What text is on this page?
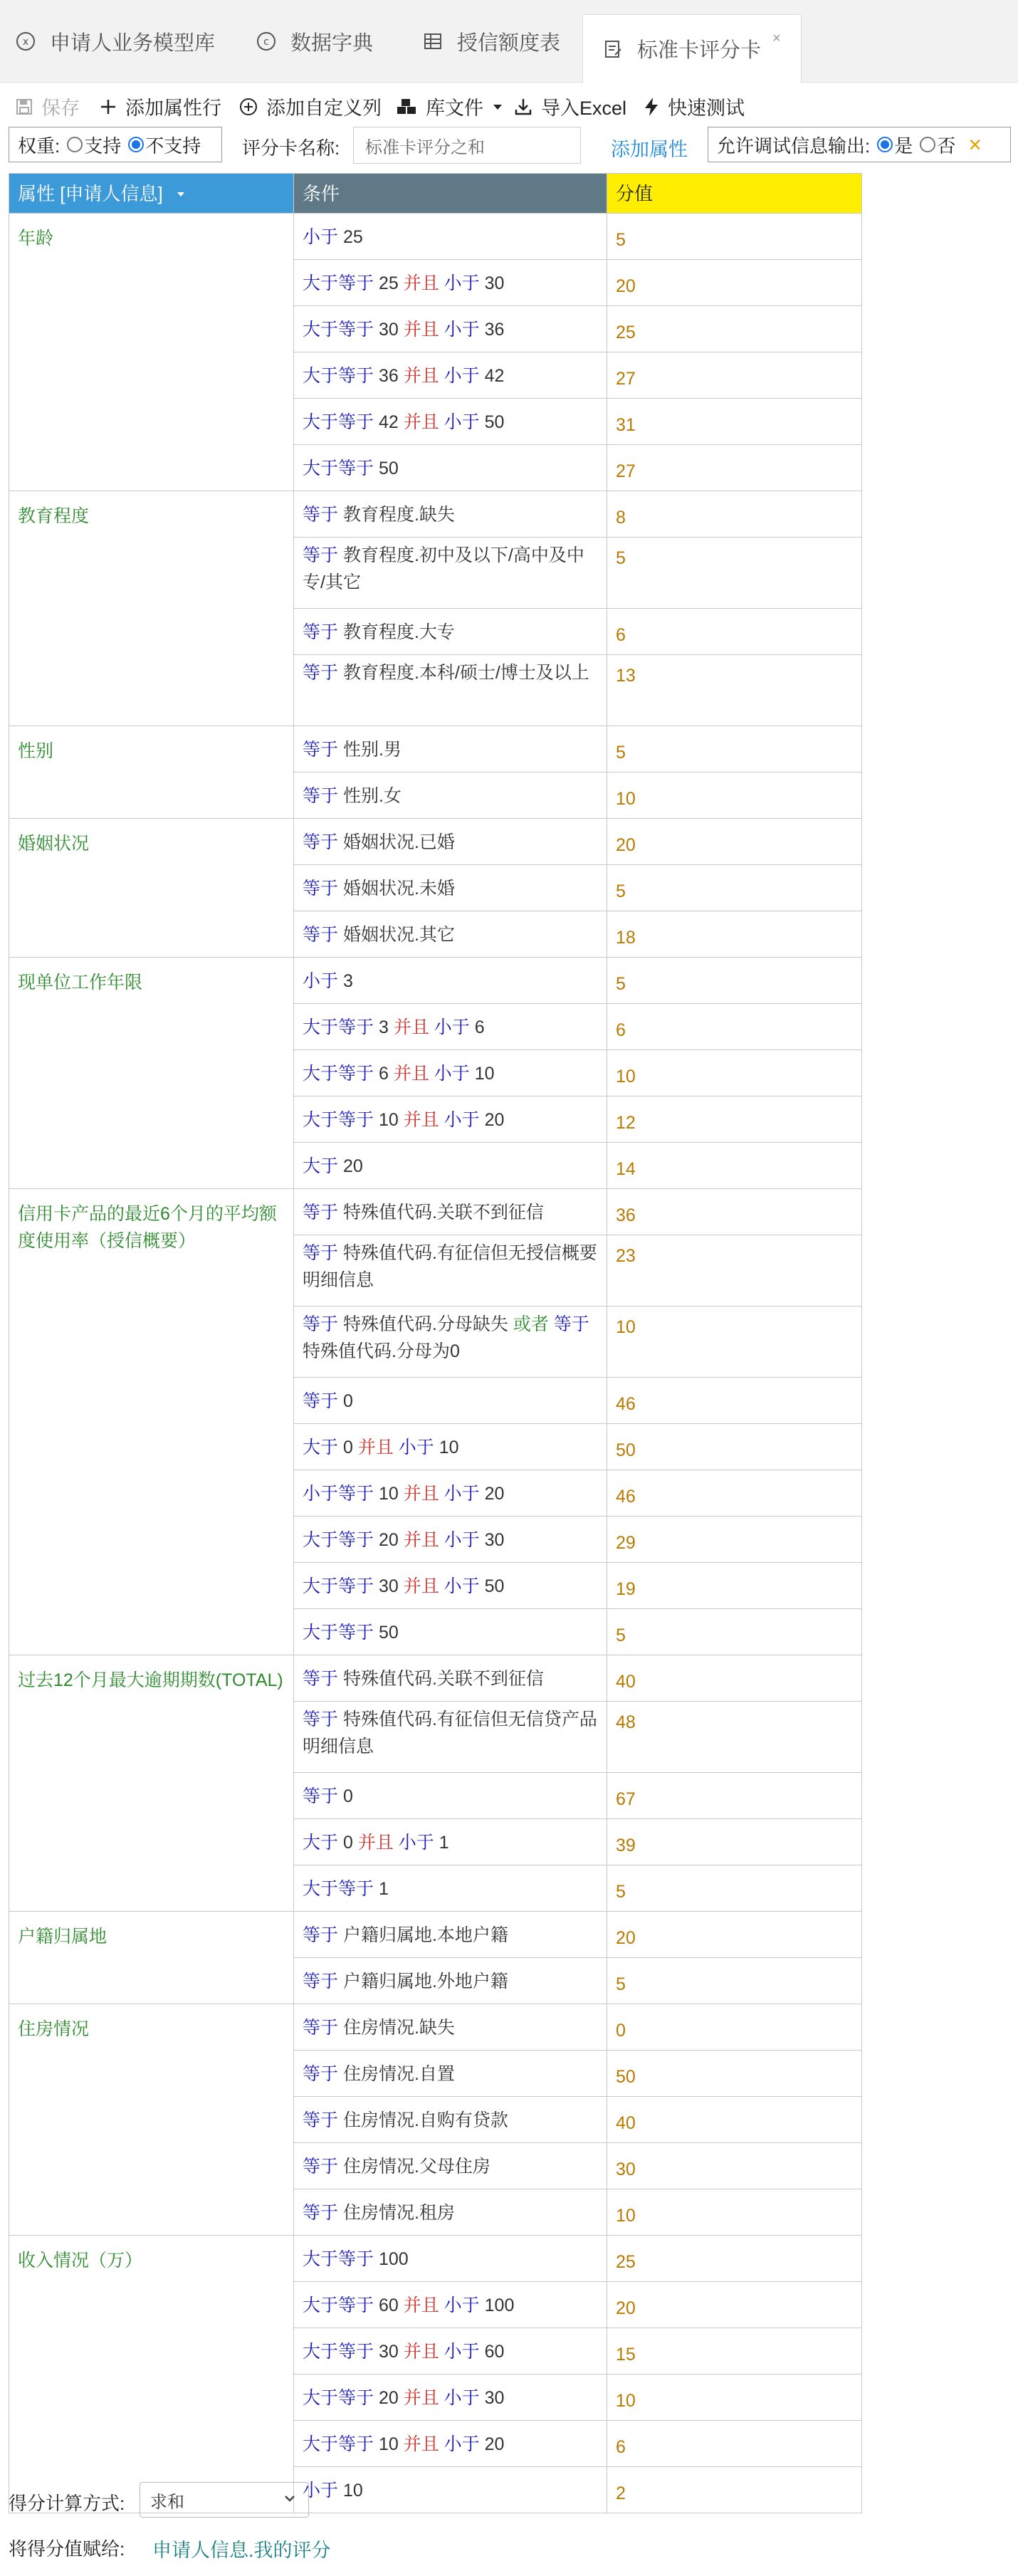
x 申请人业务模型库	c 数据字典	授信额度表	标准卡评分卡
×
保存 添加属性行 添加自定义列 库文件	导入Excel 快速测试
权重: 支持 不支持 评分卡名称:	标准卡评分之和	添加属性 允许调试信息输出: 是 否 ×
属性 [申请人信息]	条件	分值
年龄	小于 25	5
	大于等于 25 并且 小于 30	20
	大于等于 30 并且 小于 36	25
	大于等于 36 并且 小于 42	27
	大于等于 42 并且 小于 50	31
	大于等于 50	27
教育程度	等于 教育程度.缺失	8
	等于 教育程度.初中及以下/高中及中专/其它	5
	等于 教育程度.大专	6
	等于 教育程度.本科/硕士/博士及以上	13
性别	等于 性别.男	5
	等于 性别.女	10
婚姻状况	等于 婚姻状况.已婚	20
	等于 婚姻状况.未婚	5
	等于 婚姻状况.其它	18
现单位工作年限	小于 3	5
	大于等于 3 并且 小于 6	6
	大于等于 6 并且 小于 10	10
	大于等于 10 并且 小于 20	12
	大于 20	14
信用卡产品的最近6个月的平均额度使用率（授信概要）	等于 特殊值代码.关联不到征信	36
	等于 特殊值代码.有征信但无授信概要明细信息	23
	等于 特殊值代码.分母缺失 或者 等于 特殊值代码.分母为0	10
	等于 0	46
	大于 0 并且 小于 10	50
	小于等于 10 并且 小于 20	46
	大于等于 20 并且 小于 30	29
	大于等于 30 并且 小于 50	19
	大于等于 50	5
过去12个月最大逾期期数(TOTAL)	等于 特殊值代码.关联不到征信	40
	等于 特殊值代码.有征信但无信贷产品明细信息	48
	等于 0	67
	大于 0 并且 小于 1	39
	大于等于 1	5
户籍归属地	等于 户籍归属地.本地户籍	20
	等于 户籍归属地.外地户籍	5
住房情况	等于 住房情况.缺失	0
	等于 住房情况.自置	50
	等于 住房情况.自购有贷款	40
	等于 住房情况.父母住房	30
	等于 住房情况.租房	10
收入情况（万）	大于等于 100	25
	大于等于 60 并且 小于 100	20
	大于等于 30 并且 小于 60	15
	大于等于 20 并且 小于 30	10
	大于等于 10 并且 小于 20	6
	小于 10	2
得分计算方式: 求和
将得分值赋给: 申请人信息.我的评分
